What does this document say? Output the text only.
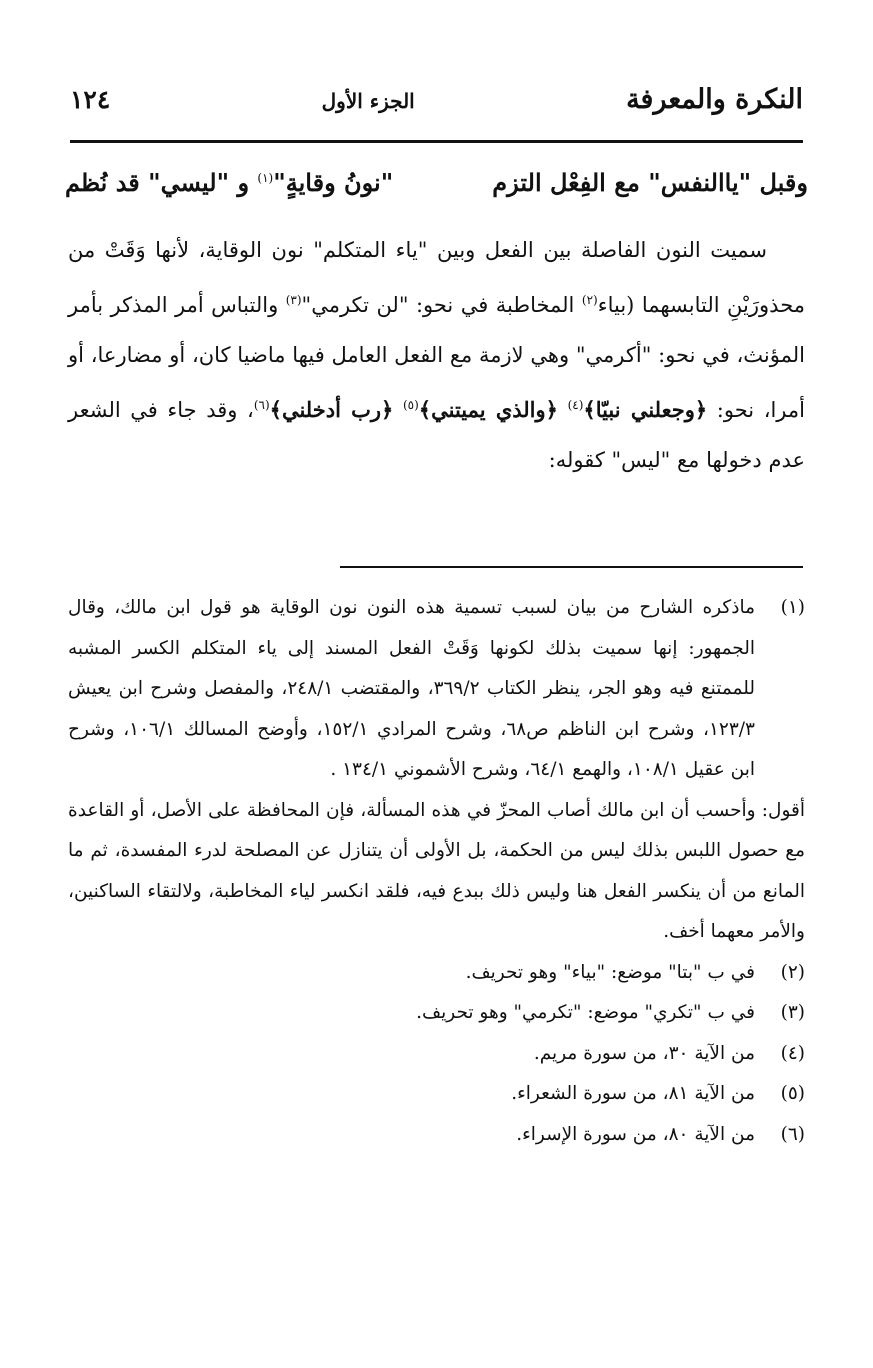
النكرة والمعرفة
الجزء الأول
١٢٤
وقبل "ياالنفس" مع الفِعْل التزم
"نونُ وقايةٍ"$^{(١)}$ و "ليسي" قد نُظم

سميت النون الفاصلة بين الفعل وبين "ياء المتكلم" نون الوقاية، لأنها وَقَتْ من محذورَيْنِ التابسهما (بياء$^{(٢)}$ المخاطبة في نحو: "لن تكرمي"$^{(٣)}$ والتباس أمر المذكر بأمر المؤنث، في نحو: "أكرمي" وهي لازمة مع الفعل العامل فيها ماضيا كان، أو مضارعا، أو أمرا، نحو: ﴿وجعلني نبيّا﴾$^{(٤)}$ ﴿والذي يميتني﴾$^{(٥)}$ ﴿رب أدخلني﴾$^{(٦)}$، وقد جاء في الشعر عدم دخولها مع "ليس" كقوله:

(١)
ماذكره الشارح من بيان لسبب تسمية هذه النون نون الوقاية هو قول ابن مالك، وقال الجمهور: إنها سميت بذلك لكونها وَقَتْ الفعل المسند إلى ياء المتكلم الكسر المشبه للممتنع فيه وهو الجر، ينظر الكتاب ٣٦٩/٢، والمقتضب ٢٤٨/١، والمفصل وشرح ابن يعيش ١٢٣/٣، وشرح ابن الناظم ص٦٨، وشرح المرادي ١٥٢/١، وأوضح المسالك ١٠٦/١، وشرح ابن عقيل ١٠٨/١، والهمع ٦٤/١، وشرح الأشموني ١٣٤/١ .

أقول: وأحسب أن ابن مالك أصاب المحزّ في هذه المسألة، فإن المحافظة على الأصل، أو القاعدة مع حصول اللبس بذلك ليس من الحكمة، بل الأولى أن يتنازل عن المصلحة لدرء المفسدة، ثم ما المانع من أن ينكسر الفعل هنا وليس ذلك ببدع فيه، فلقد انكسر لياء المخاطبة، ولالتقاء الساكنين، والأمر معهما أخف.

(٢)
في ب "بتا" موضع: "بياء" وهو تحريف.
(٣)
في ب "تكري" موضع: "تكرمي" وهو تحريف.
(٤)
من الآية ٣٠، من سورة مريم.
(٥)
من الآية ٨١، من سورة الشعراء.
(٦)
من الآية ٨٠، من سورة الإسراء.
